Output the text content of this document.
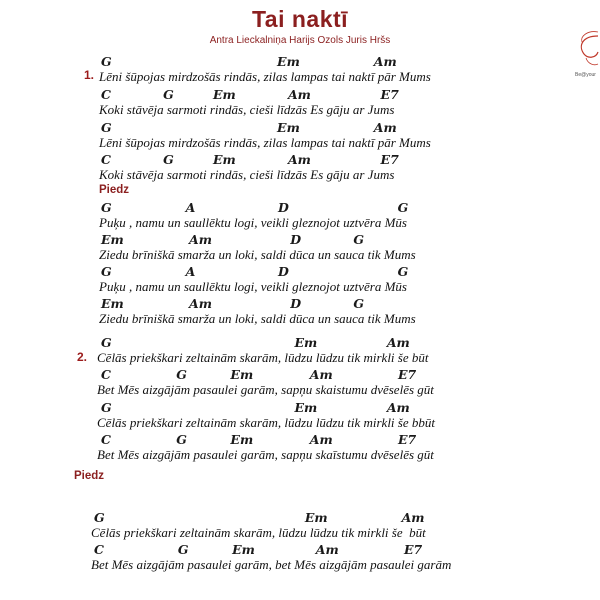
Tai naktī
Antra Lieckalniņa Harijs Ozols Juris Hršs
Be@your
G                                      Em                 Am
1. Lēni šūpojas mirdzošās rindās, zilas lampas tai naktī pār Mums
C            G         Em            Am                E7
Koki stāvēja sarmoti rindās, cieši līdzās Es gāju ar Jums
G                                      Em                 Am
Lēni šūpojas mirdzošās rindās, zilas lampas tai naktī pār Mums
C            G         Em            Am                E7
Koki stāvēja sarmoti rindās, cieši līdzās Es gāju ar Jums
Piedz
G                 A                   D                         G
Puķu , namu un saullēktu logi, veikli gleznojot uztvēra Mūs
Em               Am                  D            G
Ziedu brīniškā smarža un loki, saldi dūca un sauca tik Mums
G                 A                   D                         G
Puķu , namu un saullēktu logi, veikli gleznojot uztvēra Mūs
Em               Am                  D            G
Ziedu brīniškā smarža un loki, saldi dūca un sauca tik Mums
G                                          Em                Am
2. Cēlās priekškari zeltainām skarām, lūdzu lūdzu tik mirkli še būt
C               G          Em             Am               E7
Bet Mēs aizgājām pasaulei garām, sapņu skaistumu dvēselēs gūt
G                                          Em                Am
Cēlās priekškari zeltainām skarām, lūdzu lūdzu tik mirkli še bbūt
C               G          Em             Am               E7
Bet Mēs aizgājām pasaulei garām, sapņu skaīstumu dvēselēs gūt
Piedz
G                                              Em                 Am
Cēlās priekškari zeltainām skarām, lūdzu lūdzu tik mirkli še  būt
C                 G          Em              Am               E7
Bet Mēs aizgājām pasaulei garām, bet Mēs aizgājām pasaulei garām
